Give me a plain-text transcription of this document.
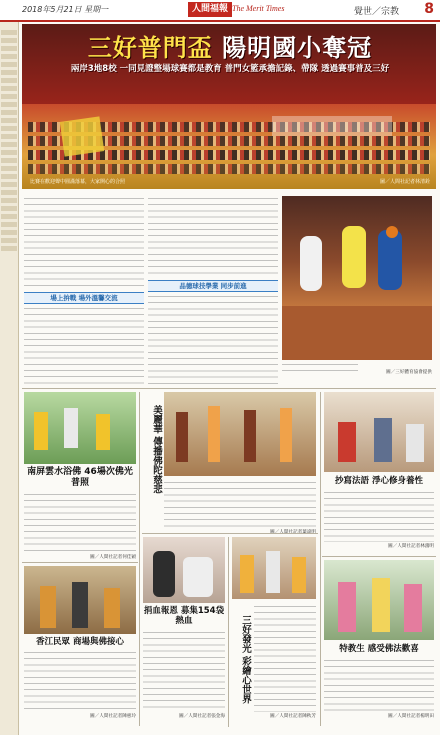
2018年5月21日 星期一	人間福報 The Merit Times	覺世／宗教 8
三好普門盃 陽明國小奪冠
兩岸3地8校 一同見證整場球賽都是教育 普門女籃承擔記錄、帶隊 透過賽事普及三好
比賽在歡迎聲中圓滿落幕，大家開心的合照	圖／人間社記者林清銓
場上拚戰 場外溫馨交流
品德球技學業 同步前進
圖／三好體育協會提供
南屏雲水浴佛 46場次佛光普照
圖／人間社記者何佳穎
美麗華 傳播佛陀慈悲	抄寫法語 淨心修身養性
圖／人間社記者林鴻明
香江民眾 商場與佛接心
圖／人間社記者陳惠玲
捐血報恩 募集154袋熱血
圖／人間社記者張金海
三好發光 彩繪心世界
圖／人間社記者陳秋芳
特教生 感受佛法歡喜
圖／人間社記者楊明田
